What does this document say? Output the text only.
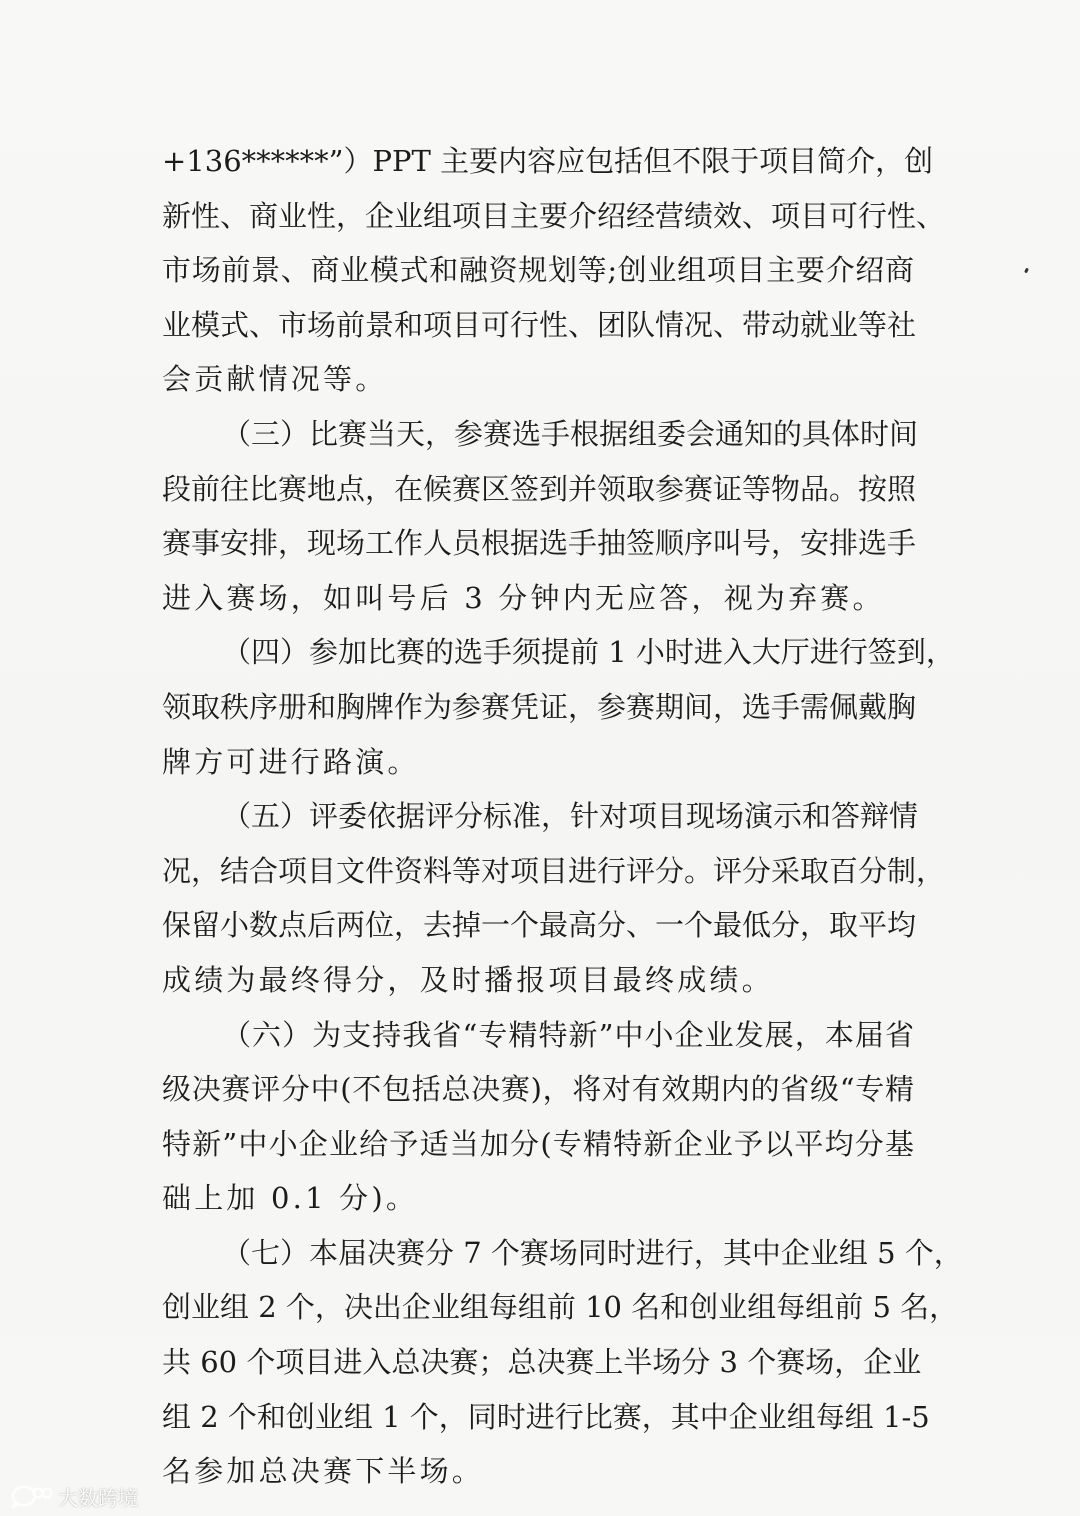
+136******”）PPT 主要内容应包括但不限于项目简介，创
新性、商业性，企业组项目主要介绍经营绩效、项目可行性、
市场前景、商业模式和融资规划等;创业组项目主要介绍商
业模式、市场前景和项目可行性、团队情况、带动就业等社
会贡献情况等。
（三）比赛当天，参赛选手根据组委会通知的具体时间
段前往比赛地点，在候赛区签到并领取参赛证等物品。按照
赛事安排，现场工作人员根据选手抽签顺序叫号，安排选手
进入赛场，如叫号后 3 分钟内无应答，视为弃赛。
（四）参加比赛的选手须提前 1 小时进入大厅进行签到，
领取秩序册和胸牌作为参赛凭证，参赛期间，选手需佩戴胸
牌方可进行路演。
（五）评委依据评分标准，针对项目现场演示和答辩情
况，结合项目文件资料等对项目进行评分。评分采取百分制，
保留小数点后两位，去掉一个最高分、一个最低分，取平均
成绩为最终得分，及时播报项目最终成绩。
（六）为支持我省“专精特新”中小企业发展，本届省
级决赛评分中(不包括总决赛)，将对有效期内的省级“专精
特新”中小企业给予适当加分(专精特新企业予以平均分基
础上加 0.1 分)。
（七）本届决赛分 7 个赛场同时进行，其中企业组 5 个，
创业组 2 个，决出企业组每组前 10 名和创业组每组前 5 名，
共 60 个项目进入总决赛；总决赛上半场分 3 个赛场，企业
组 2 个和创业组 1 个，同时进行比赛，其中企业组每组 1-5
名参加总决赛下半场。
大数跨境
